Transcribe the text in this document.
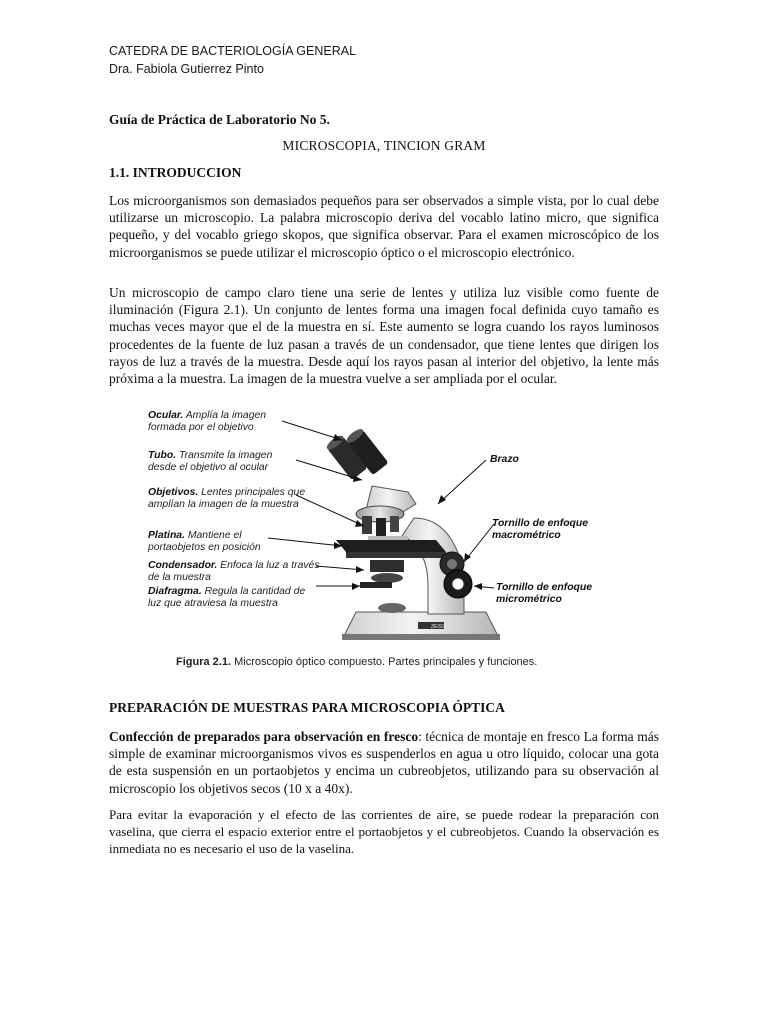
CATEDRA DE BACTERIOLOGÍA GENERAL
Dra. Fabiola Gutierrez Pinto
Guía de Práctica de Laboratorio No 5.
MICROSCOPIA, TINCION GRAM
1.1. INTRODUCCION

Los microorganismos son demasiados pequeños para ser observados a simple vista, por lo cual debe utilizarse un microscopio. La palabra microscopio deriva del vocablo latino micro, que significa pequeño, y del vocablo griego skopos, que significa observar. Para el examen microscópico de los microorganismos se puede utilizar el microscopio óptico o el microscopio electrónico.

Un microscopio de campo claro tiene una serie de lentes y utiliza luz visible como fuente de iluminación (Figura 2.1). Un conjunto de lentes forma una imagen focal definida cuyo tamaño es muchas veces mayor que el de la muestra en sí. Este aumento se logra cuando los rayos luminosos procedentes de la fuente de luz pasan a través de un condensador, que tiene lentes que dirigen los rayos de luz a través de la muestra. Desde aquí los rayos pasan al interior del objetivo, la lente más próxima a la muestra. La imagen de la muestra vuelve a ser ampliada por el ocular.

ZEISS
Ocular. Amplía la imagen formada por el objetivo
Tubo. Transmite la imagen desde el objetivo al ocular
Objetivos. Lentes principales que amplían la imagen de la muestra
Platina. Mantiene el portaobjetos en posición
Condensador. Enfoca la luz a través de la muestra
Diafragma. Regula la cantidad de luz que atraviesa la muestra
Brazo
Tornillo de enfoque macrométrico
Tornillo de enfoque micrométrico
Figura 2.1. Microscopio óptico compuesto. Partes principales y funciones.
PREPARACIÓN DE MUESTRAS PARA MICROSCOPIA ÓPTICA

Confección de preparados para observación en fresco: técnica de montaje en fresco La forma más simple de examinar microorganismos vivos es suspenderlos en agua u otro líquido, colocar una gota de esta suspensión en un portaobjetos y encima un cubreobjetos, utilizando para su observación al microscopio los objetivos secos (10 x a 40x).

Para evitar la evaporación y el efecto de las corrientes de aire, se puede rodear la preparación con vaselina, que cierra el espacio exterior entre el portaobjetos y el cubreobjetos. Cuando la observación es inmediata no es necesario el uso de la vaselina.
